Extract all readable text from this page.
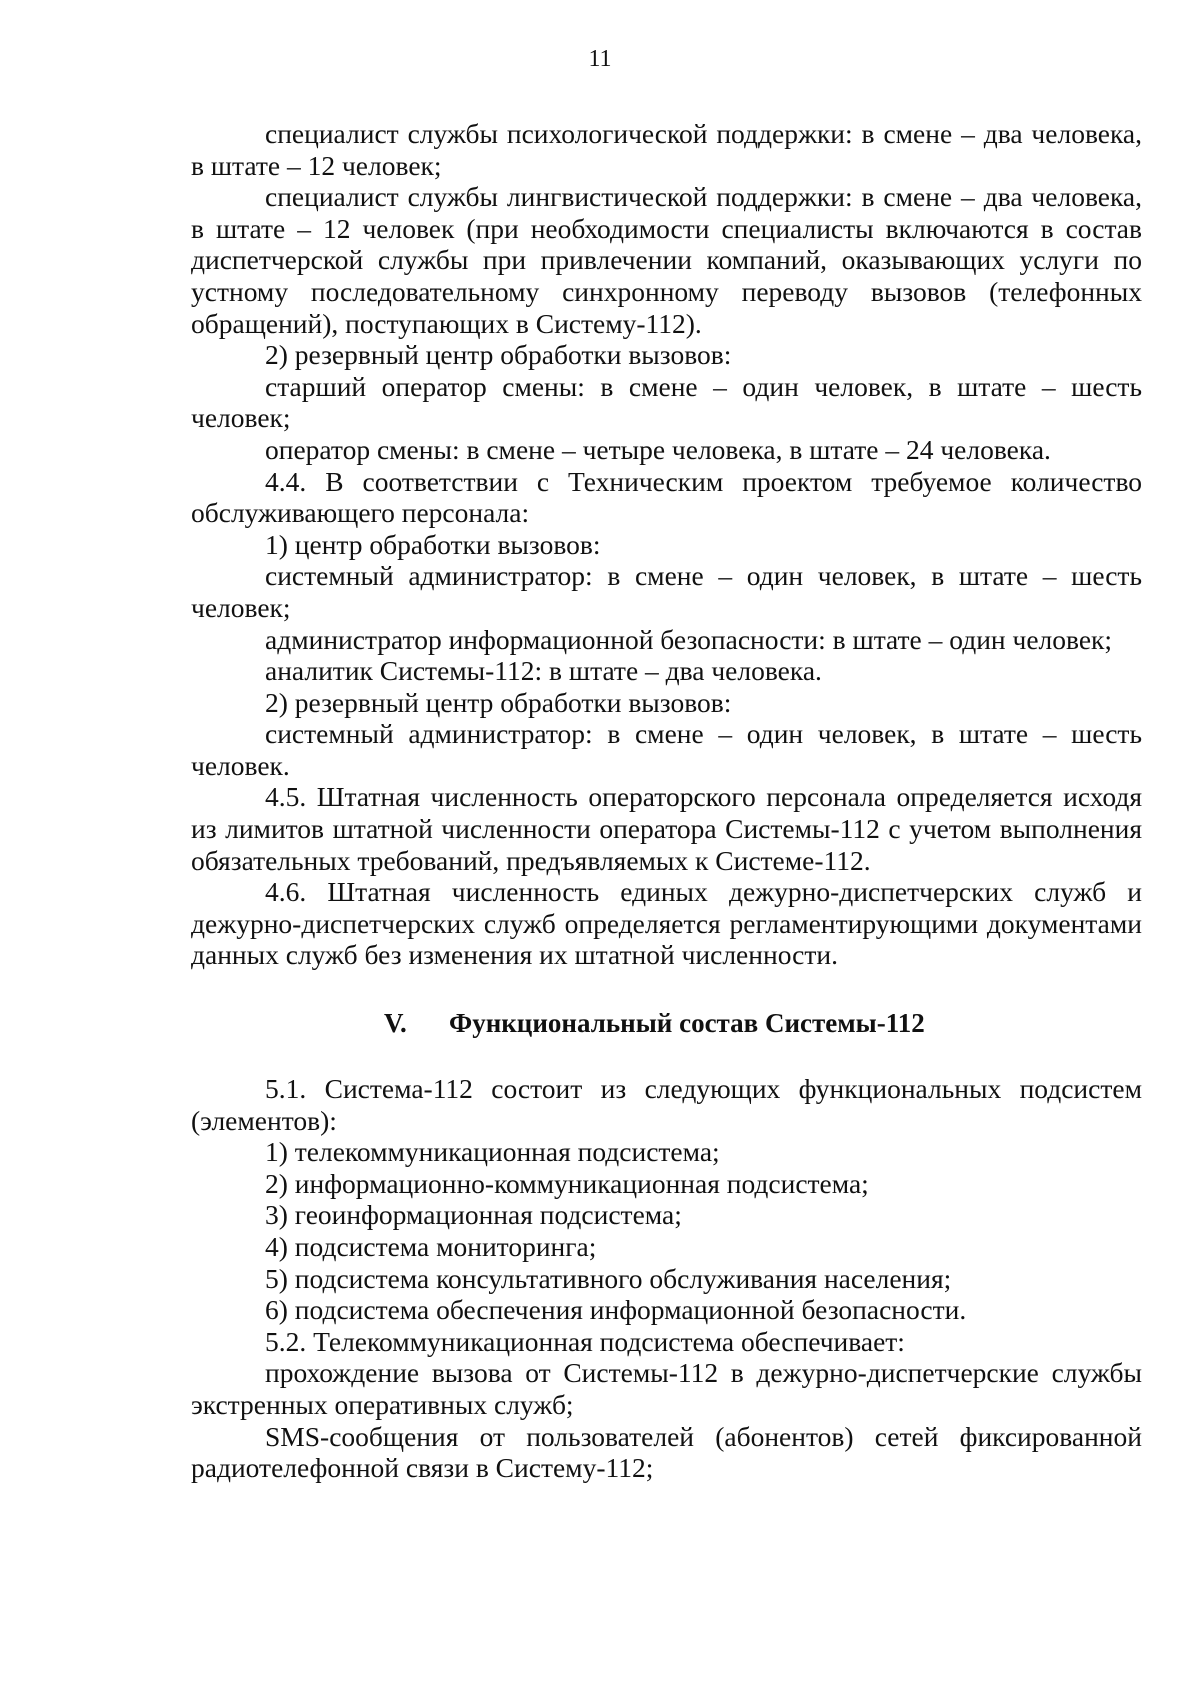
11

специалист службы психологической поддержки: в смене – два человека, в штате – 12 человек;

специалист службы лингвистической поддержки: в смене – два человека, в штате – 12 человек (при необходимости специалисты включаются в состав диспетчерской службы при привлечении компаний, оказывающих услуги по устному последовательному синхронному переводу вызовов (телефонных обращений), поступающих в Систему-112).

2) резервный центр обработки вызовов:

старший оператор смены: в смене – один человек, в штате – шесть человек;

оператор смены: в смене – четыре человека, в штате – 24 человека.

4.4. В соответствии с Техническим проектом требуемое количество обслуживающего персонала:

1) центр обработки вызовов:

системный администратор: в смене – один человек, в штате – шесть человек;

администратор информационной безопасности: в штате – один человек;

аналитик Системы-112: в штате – два человека.

2) резервный центр обработки вызовов:

системный администратор: в смене – один человек, в штате – шесть человек.

4.5. Штатная численность операторского персонала определяется исходя из лимитов штатной численности оператора Системы-112 с учетом выполнения обязательных требований, предъявляемых к Системе-112.

4.6. Штатная численность единых дежурно-диспетчерских служб и дежурно-диспетчерских служб определяется регламентирующими документами данных служб без изменения их штатной численности.

V. Функциональный состав Системы-112

5.1. Система-112 состоит из следующих функциональных подсистем (элементов):

1) телекоммуникационная подсистема;

2) информационно-коммуникационная подсистема;

3) геоинформационная подсистема;

4) подсистема мониторинга;

5) подсистема консультативного обслуживания населения;

6) подсистема обеспечения информационной безопасности.

5.2. Телекоммуникационная подсистема обеспечивает:

прохождение вызова от Системы-112 в дежурно-диспетчерские службы экстренных оперативных служб;

SMS-сообщения от пользователей (абонентов) сетей фиксированной радиотелефонной связи в Систему-112;
